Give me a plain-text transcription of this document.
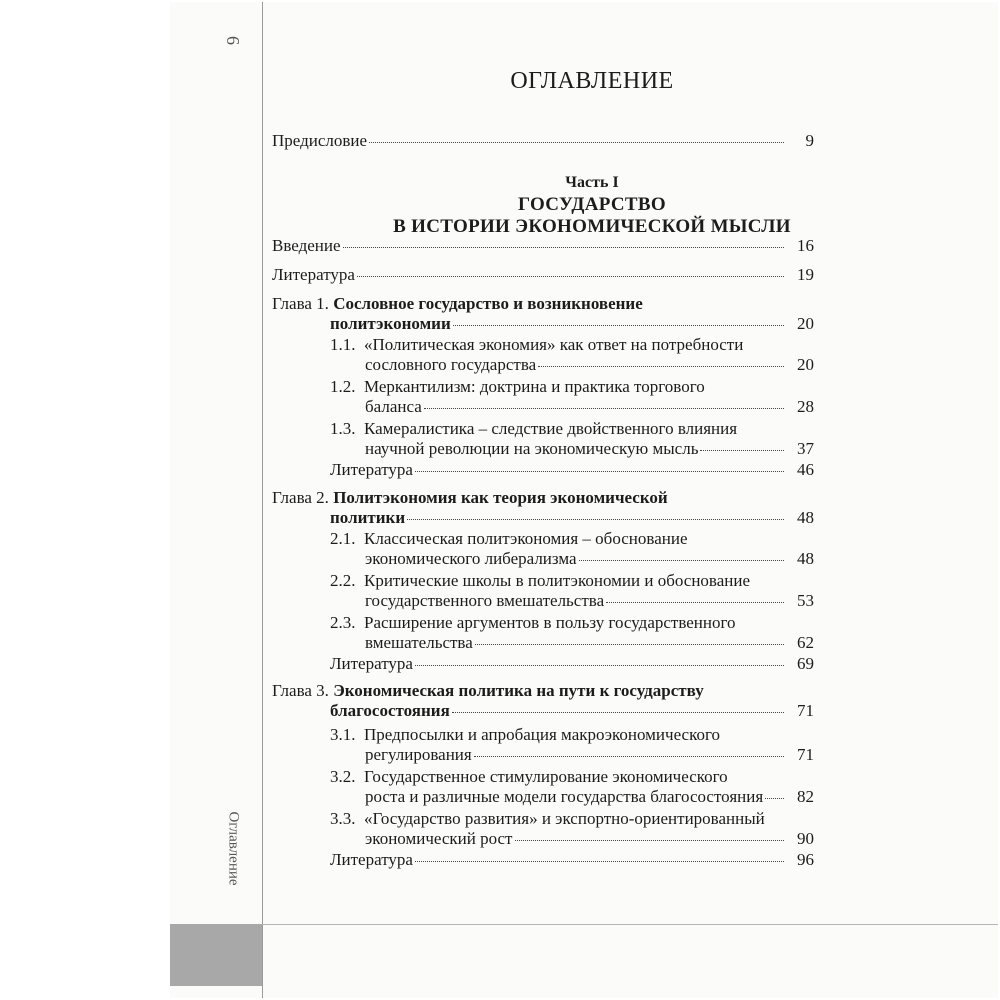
6
Оглавление
ОГЛАВЛЕНИЕ
Предисловие	9
Часть I
ГОСУДАРСТВО
В ИСТОРИИ ЭКОНОМИЧЕСКОЙ МЫСЛИ
Введение	16
Литература	19
Глава 1. Сословное государство и возникновение
политэкономии	20
1.1. «Политическая экономия» как ответ на потребности
сословного государства	20
1.2. Меркантилизм: доктрина и практика торгового
баланса	28
1.3. Камералистика – следствие двойственного влияния
научной революции на экономическую мысль	37
Литература	46
Глава 2. Политэкономия как теория экономической
политики	48
2.1. Классическая политэкономия – обоснование
экономического либерализма	48
2.2. Критические школы в политэкономии и обоснование
государственного вмешательства	53
2.3. Расширение аргументов в пользу государственного
вмешательства	62
Литература	69
Глава 3. Экономическая политика на пути к государству
благосостояния	71
3.1. Предпосылки и апробация макроэкономического
регулирования	71
3.2. Государственное стимулирование экономического
роста и различные модели государства благосостояния	82
3.3. «Государство развития» и экспортно-ориентированный
экономический рост	90
Литература	96
